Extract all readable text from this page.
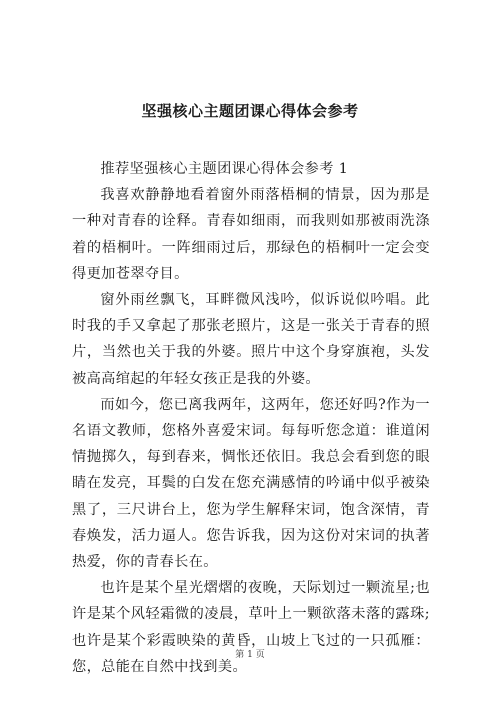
坚强核心主题团课心得体会参考

推荐坚强核心主题团课心得体会参考 1

我喜欢静静地看着窗外雨落梧桐的情景，因为那是一种对青春的诠释。青春如细雨，而我则如那被雨洗涤着的梧桐叶。一阵细雨过后，那绿色的梧桐叶一定会变得更加苍翠夺目。

窗外雨丝飘飞，耳畔微风浅吟，似诉说似吟唱。此时我的手又拿起了那张老照片，这是一张关于青春的照片，当然也关于我的外婆。照片中这个身穿旗袍，头发被高高绾起的年轻女孩正是我的外婆。

而如今，您已离我两年，这两年，您还好吗?作为一名语文教师，您格外喜爱宋词。每每听您念道：谁道闲情抛掷久，每到春来，惆怅还依旧。我总会看到您的眼睛在发亮，耳鬓的白发在您充满感情的吟诵中似乎被染黑了，三尺讲台上，您为学生解释宋词，饱含深情，青春焕发，活力逼人。您告诉我，因为这份对宋词的执著热爱，你的青春长在。

也许是某个星光熠熠的夜晚，天际划过一颗流星;也许是某个风轻霜微的凌晨，草叶上一颗欲落未落的露珠;也许是某个彩霞映染的黄昏，山坡上飞过的一只孤雁：您，总能在自然中找到美。

第 1 页
